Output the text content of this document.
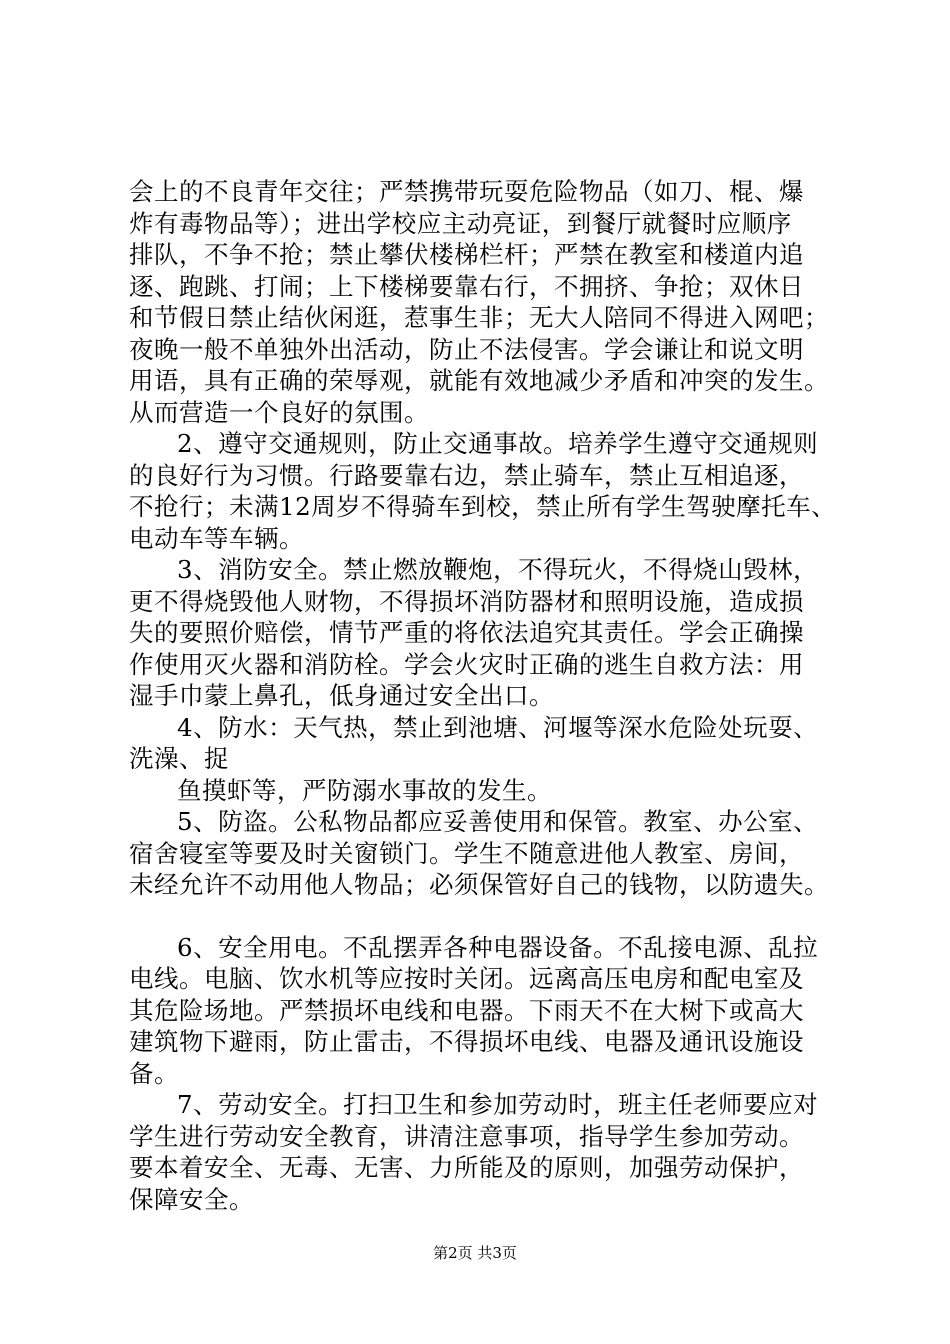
会上的不良青年交往；严禁携带玩耍危险物品（如刀、棍、爆
炸有毒物品等）；进出学校应主动亮证，到餐厅就餐时应顺序
排队，不争不抢；禁止攀伏楼梯栏杆；严禁在教室和楼道内追
逐、跑跳、打闹；上下楼梯要靠右行，不拥挤、争抢；双休日
和节假日禁止结伙闲逛，惹事生非；无大人陪同不得进入网吧；
夜晚一般不单独外出活动，防止不法侵害。学会谦让和说文明
用语，具有正确的荣辱观，就能有效地减少矛盾和冲突的发生。
从而营造一个良好的氛围。
2、遵守交通规则，防止交通事故。培养学生遵守交通规则
的良好行为习惯。行路要靠右边，禁止骑车，禁止互相追逐，
不抢行；未满12周岁不得骑车到校，禁止所有学生驾驶摩托车、
电动车等车辆。
3、消防安全。禁止燃放鞭炮，不得玩火，不得烧山毁林，
更不得烧毁他人财物，不得损坏消防器材和照明设施，造成损
失的要照价赔偿，情节严重的将依法追究其责任。学会正确操
作使用灭火器和消防栓。学会火灾时正确的逃生自救方法：用
湿手巾蒙上鼻孔，低身通过安全出口。
4、防水：天气热，禁止到池塘、河堰等深水危险处玩耍、
洗澡、捉
鱼摸虾等，严防溺水事故的发生。
5、防盗。公私物品都应妥善使用和保管。教室、办公室、
宿舍寝室等要及时关窗锁门。学生不随意进他人教室、房间，
未经允许不动用他人物品；必须保管好自己的钱物，以防遗失。
6、安全用电。不乱摆弄各种电器设备。不乱接电源、乱拉
电线。电脑、饮水机等应按时关闭。远离高压电房和配电室及
其危险场地。严禁损坏电线和电器。下雨天不在大树下或高大
建筑物下避雨，防止雷击，不得损坏电线、电器及通讯设施设
备。
7、劳动安全。打扫卫生和参加劳动时，班主任老师要应对
学生进行劳动安全教育，讲清注意事项，指导学生参加劳动。
要本着安全、无毒、无害、力所能及的原则，加强劳动保护，
保障安全。
第2页 共3页
